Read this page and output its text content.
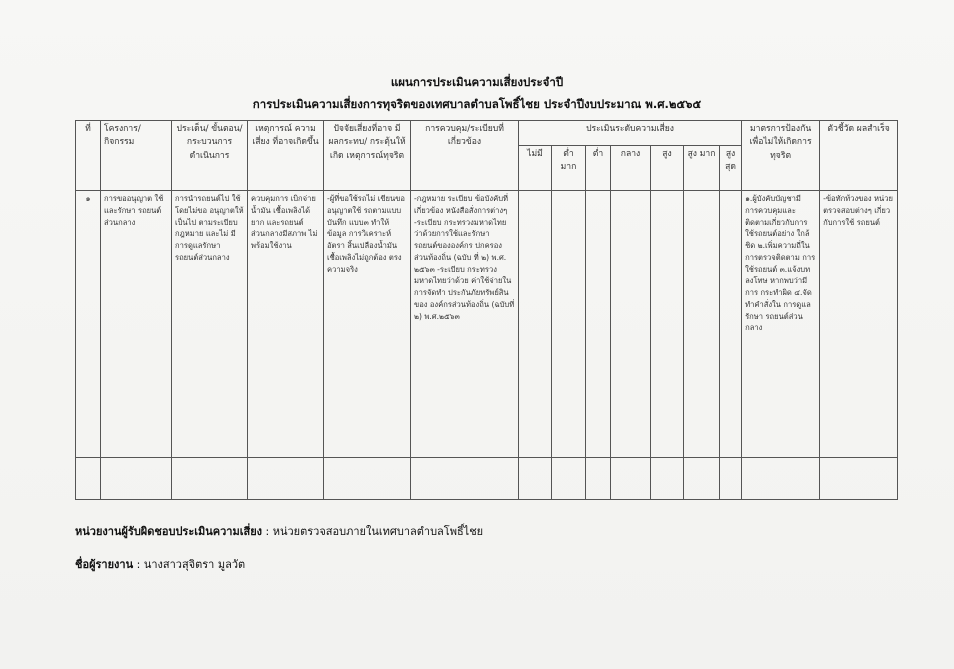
แผนการประเมินความเสี่ยงประจำปี
การประเมินความเสี่ยงการทุจริตของเทศบาลตำบลโพธิ์ไชย ประจำปีงบประมาณ พ.ศ.๒๕๖๕
ที่	โครงการ/ กิจกรรม	ประเด็น/ ขั้นตอน/ กระบวนการ ดำเนินการ	เหตุการณ์ ความเสี่ยง ที่อาจเกิดขึ้น	ปัจจัยเสี่ยงที่อาจ มีผลกระทบ/ กระตุ้นให้เกิด เหตุการณ์ทุจริต	การควบคุม/ระเบียบที่ เกี่ยวข้อง	ประเมินระดับความเสี่ยง							มาตรการป้องกัน เพื่อไม่ให้เกิดการ ทุจริต	ตัวชี้วัด ผลสำเร็จ
						ไม่มี	ต่ำ มาก	ต่ำ	กลาง	สูง	สูง มาก	สูง สุด		
๑	การขออนุญาต ใช้และรักษา รถยนต์ ส่วนกลาง	การนำรถยนต์ไป ใช้โดยไม่ขอ อนุญาตให้เป็นไป ตามระเบียบ กฎหมาย และไม่ มีการดูแลรักษา รถยนต์ส่วนกลาง	ควบคุมการ เบิกจ่ายน้ำมัน เชื้อเพลิงได้ยาก และรถยนต์ ส่วนกลางมีสภาพ ไม่พร้อมใช้งาน	-ผู้ที่ขอใช้รถไม่ เขียนขออนุญาตใช้ รถตามแบบบันทึก แบบ๓ ทำให้ข้อมูล การวิเคราะห์อัตรา สิ้นเปลืองน้ำมัน เชื้อเพลิงไม่ถูกต้อง ตรงความจริง	-กฎหมาย ระเบียบ ข้อบังคับที่เกี่ยวข้อง หนังสือสั่งการต่างๆ -ระเบียบ กระทรวงมหาดไทย ว่าด้วยการใช้และรักษา รถยนต์ขององค์กร ปกครองส่วนท้องถิ่น (ฉบับ ที่ ๒) พ.ศ. ๒๕๖๓ -ระเบียบ กระทรวงมหาดไทยว่าด้วย ค่าใช้จ่ายในการจัดทำ ประกันภัยทรัพย์สินของ องค์กรส่วนท้องถิ่น (ฉบับที่ ๒) พ.ศ.๒๕๖๓								๑.ผู้บังคับบัญชามี การควบคุมและ ติดตามเกี่ยวกับการ ใช้รถยนต์อย่าง ใกล้ชิด ๒.เพิ่มความถี่ใน การตรวจติดตาม การใช้รถยนต์ ๓.แจ้งบทลงโทษ หากพบว่ามีการ กระทำผิด ๔.จัดทำคำสั่งใน การดูแลรักษา รถยนต์ส่วนกลาง	-ข้อทักท้วงของ หน่วย ตรวจสอบต่างๆ เกี่ยวกับการใช้ รถยนต์

หน่วยงานผู้รับผิดชอบประเมินความเสี่ยง : หน่วยตรวจสอบภายในเทศบาลตำบลโพธิ์ไชย
ชื่อผู้รายงาน : นางสาวสุจิตรา มูลวัต
